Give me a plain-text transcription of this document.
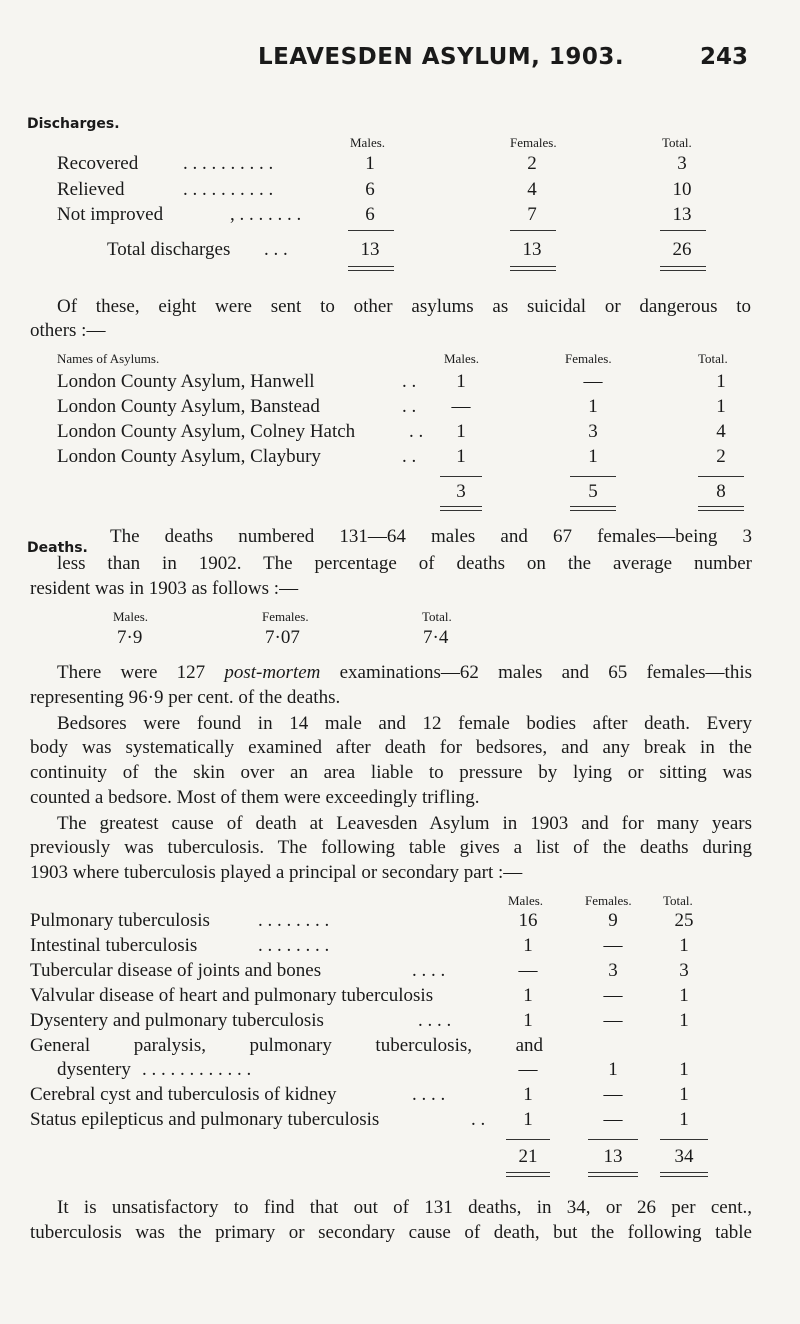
LEAVESDEN ASYLUM, 1903.	243
Discharges.
Males.	Females.	Total.
Recovered . . . . . . . . . .	1	2	3
Relieved	. . . . . . . . . .	6	4	10
Not improved	, . . . . . . .	6	7	13
Total discharges . . .	13	13	26
Of these, eight were sent to other asylums as suicidal or dangerous to
others :—
Names of Asylums.	Males.	Females.	Total.
London County Asylum, Hanwell	. .	1	—	1
London County Asylum, Banstead	. .	—	1	1
London County Asylum, Colney Hatch	. .	1	3	4
London County Asylum, Claybury	. .	1	1	2
3	5	8
Deaths.
The deaths numbered 131—64 males and 67 females—being 3
less than in 1902. The percentage of deaths on the average number
resident was in 1903 as follows :—
Males.	Females.	Total.
7·9	7·07	7·4
There were 127 post-mortem examinations—62 males and 65 females—this
representing 96·9 per cent. of the deaths.
Bedsores were found in 14 male and 12 female bodies after death. Every
body was systematically examined after death for bedsores, and any break in the
continuity of the skin over an area liable to pressure by lying or sitting was
counted a bedsore. Most of them were exceedingly trifling.
The greatest cause of death at Leavesden Asylum in 1903 and for many years
previously was tuberculosis. The following table gives a list of the deaths during
1903 where tuberculosis played a principal or secondary part :—
Males.	Females. Total.
Pulmonary tuberculosis	. . . . . . . .	16	9	25
Intestinal tuberculosis	. . . . . . . .	1	—	1
Tubercular disease of joints and bones	. . . .	—	3	3
Valvular disease of heart and pulmonary tuberculosis	1	—	1
Dysentery and pulmonary tuberculosis	. . . .	1	—	1
General paralysis, pulmonary tuberculosis, and
dysentery . . . . . . . . . . . .	—	1	1
Cerebral cyst and tuberculosis of kidney	. . . .	1	—	1
Status epilepticus and pulmonary tuberculosis	. .	1	—	1
21	13	34
It is unsatisfactory to find that out of 131 deaths, in 34, or 26 per cent.,
tuberculosis was the primary or secondary cause of death, but the following table
